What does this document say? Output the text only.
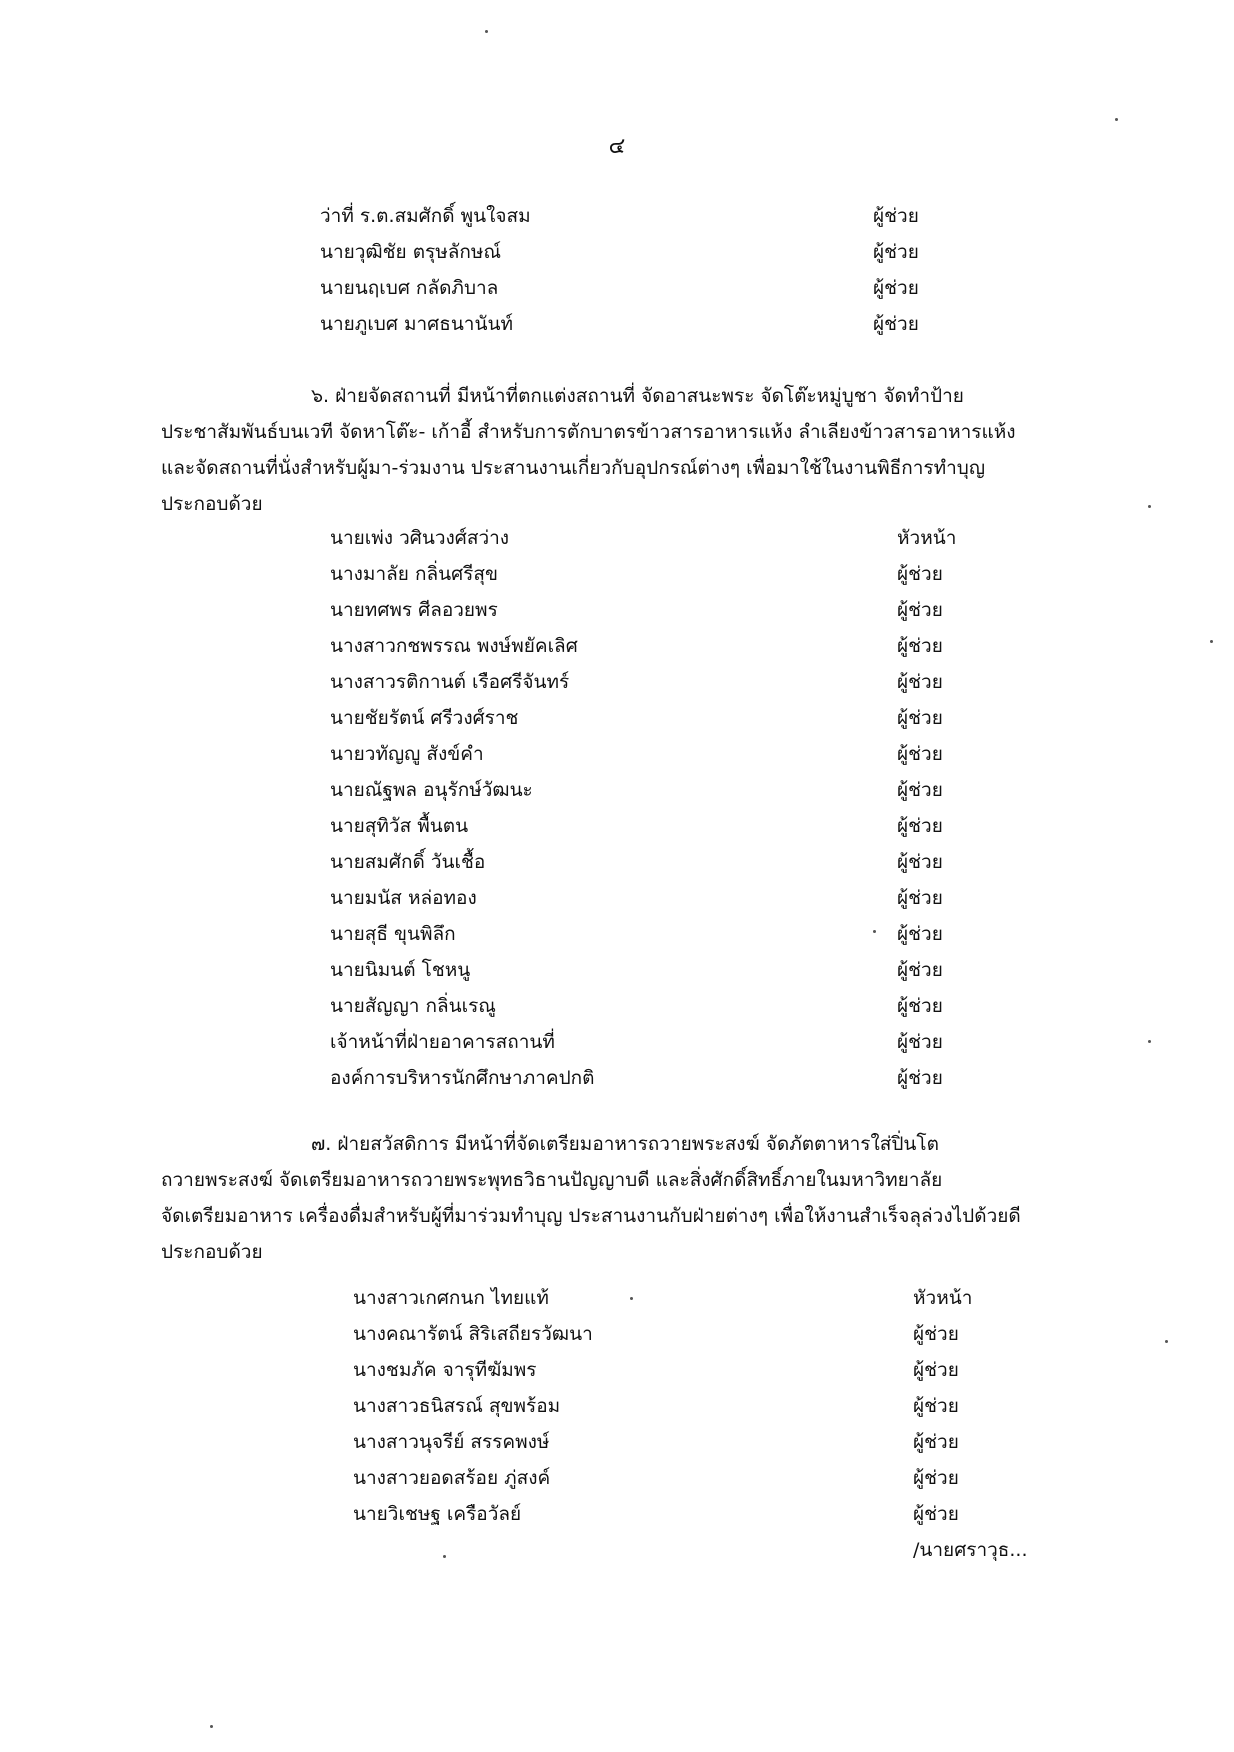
๔
ว่าที่ ร.ต.สมศักดิ์ พูนใจสม	ผู้ช่วย
นายวุฒิชัย ตรุษลักษณ์	ผู้ช่วย
นายนฤเบศ กลัดภิบาล	ผู้ช่วย
นายภูเบศ มาศธนานันท์	ผู้ช่วย
๖. ฝ่ายจัดสถานที่ มีหน้าที่ตกแต่งสถานที่ จัดอาสนะพระ จัดโต๊ะหมู่บูชา จัดทำป้าย
ประชาสัมพันธ์บนเวที จัดหาโต๊ะ- เก้าอี้ สำหรับการตักบาตรข้าวสารอาหารแห้ง ลำเลียงข้าวสารอาหารแห้ง
และจัดสถานที่นั่งสำหรับผู้มา-ร่วมงาน ประสานงานเกี่ยวกับอุปกรณ์ต่างๆ เพื่อมาใช้ในงานพิธีการทำบุญ
ประกอบด้วย
นายเพ่ง วศินวงศ์สว่าง	หัวหน้า
นางมาลัย กลิ่นศรีสุข	ผู้ช่วย
นายทศพร ศีลอวยพร	ผู้ช่วย
นางสาวกชพรรณ พงษ์พยัคเลิศ	ผู้ช่วย
นางสาวรติกานต์ เรือศรีจันทร์	ผู้ช่วย
นายชัยรัตน์ ศรีวงศ์ราช	ผู้ช่วย
นายวทัญญู สังข์คำ	ผู้ช่วย
นายณัฐพล อนุรักษ์วัฒนะ	ผู้ช่วย
นายสุทิวัส พื้นตน	ผู้ช่วย
นายสมศักดิ์ วันเชื้อ	ผู้ช่วย
นายมนัส หล่อทอง	ผู้ช่วย
นายสุธี ขุนพิลึก	ผู้ช่วย
นายนิมนต์ โชหนู	ผู้ช่วย
นายสัญญา กลิ่นเรณู	ผู้ช่วย
เจ้าหน้าที่ฝ่ายอาคารสถานที่	ผู้ช่วย
องค์การบริหารนักศึกษาภาคปกติ	ผู้ช่วย
๗. ฝ่ายสวัสดิการ มีหน้าที่จัดเตรียมอาหารถวายพระสงฆ์ จัดภัตตาหารใส่ปิ่นโต
ถวายพระสงฆ์ จัดเตรียมอาหารถวายพระพุทธวิธานปัญญาบดี และสิ่งศักดิ์สิทธิ์ภายในมหาวิทยาลัย
จัดเตรียมอาหาร เครื่องดื่มสำหรับผู้ที่มาร่วมทำบุญ ประสานงานกับฝ่ายต่างๆ เพื่อให้งานสำเร็จลุล่วงไปด้วยดี
ประกอบด้วย
นางสาวเกศกนก ไทยแท้	หัวหน้า
นางคณารัตน์ สิริเสถียรวัฒนา	ผู้ช่วย
นางชมภัค จารุทีฆัมพร	ผู้ช่วย
นางสาวธนิสรณ์ สุขพร้อม	ผู้ช่วย
นางสาวนุจรีย์ สรรคพงษ์	ผู้ช่วย
นางสาวยอดสร้อย ภู่สงค์	ผู้ช่วย
นายวิเชษฐ เครือวัลย์	ผู้ช่วย
/นายศราวุธ...
